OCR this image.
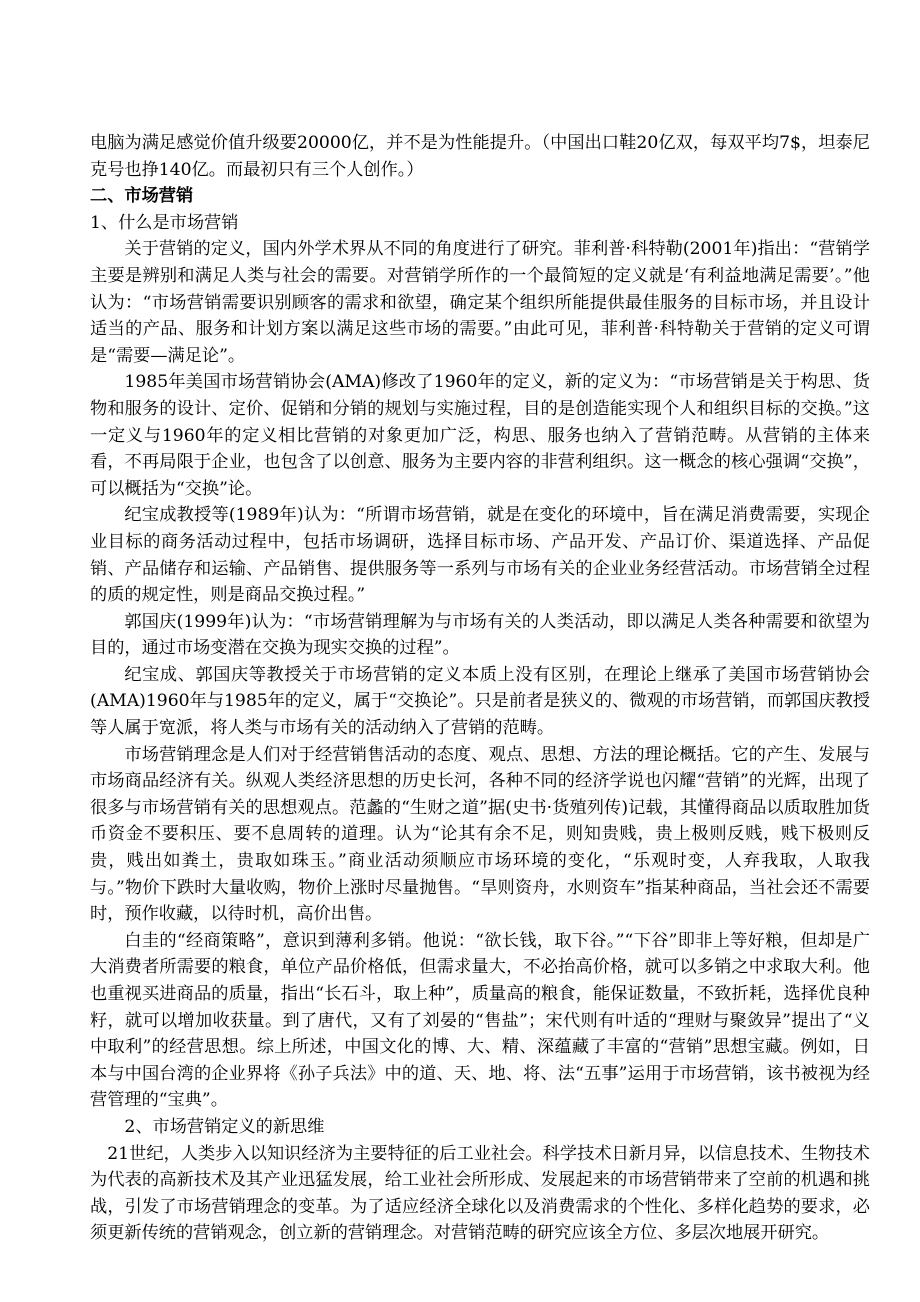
电脑为满足感觉价值升级要20000亿，并不是为性能提升。（中国出口鞋20亿双，每双平均7$，坦泰尼克号也挣140亿。而最初只有三个人创作。）

二、市场营销

1、什么是市场营销

关于营销的定义，国内外学术界从不同的角度进行了研究。菲利普·科特勒(2001年)指出：“营销学主要是辨别和满足人类与社会的需要。对营销学所作的一个最简短的定义就是‘有利益地满足需要’。”他认为：“市场营销需要识别顾客的需求和欲望，确定某个组织所能提供最佳服务的目标市场，并且设计适当的产品、服务和计划方案以满足这些市场的需要。”由此可见，菲利普·科特勒关于营销的定义可谓是“需要—满足论”。

1985年美国市场营销协会(AMA)修改了1960年的定义，新的定义为：“市场营销是关于构思、货物和服务的设计、定价、促销和分销的规划与实施过程，目的是创造能实现个人和组织目标的交换。”这一定义与1960年的定义相比营销的对象更加广泛，构思、服务也纳入了营销范畴。从营销的主体来看，不再局限于企业，也包含了以创意、服务为主要内容的非营利组织。这一概念的核心强调“交换”，可以概括为“交换”论。

纪宝成教授等(1989年)认为：“所谓市场营销，就是在变化的环境中，旨在满足消费需要，实现企业目标的商务活动过程中，包括市场调研，选择目标市场、产品开发、产品订价、渠道选择、产品促销、产品储存和运输、产品销售、提供服务等一系列与市场有关的企业业务经营活动。市场营销全过程的质的规定性，则是商品交换过程。”

郭国庆(1999年)认为：“市场营销理解为与市场有关的人类活动，即以满足人类各种需要和欲望为目的，通过市场变潜在交换为现实交换的过程”。

纪宝成、郭国庆等教授关于市场营销的定义本质上没有区别，在理论上继承了美国市场营销协会(AMA)1960年与1985年的定义，属于“交换论”。只是前者是狭义的、微观的市场营销，而郭国庆教授等人属于宽派，将人类与市场有关的活动纳入了营销的范畴。

市场营销理念是人们对于经营销售活动的态度、观点、思想、方法的理论概括。它的产生、发展与市场商品经济有关。纵观人类经济思想的历史长河，各种不同的经济学说也闪耀“营销”的光辉，出现了很多与市场营销有关的思想观点。范蠡的“生财之道”据(史书·货殖列传)记载，其懂得商品以质取胜加货币资金不要积压、要不息周转的道理。认为“论其有余不足，则知贵贱，贵上极则反贱，贱下极则反贵，贱出如粪土，贵取如珠玉。”商业活动须顺应市场环境的变化，“乐观时变，人弃我取，人取我与。”物价下跌时大量收购，物价上涨时尽量抛售。“旱则资舟，水则资车”指某种商品，当社会还不需要时，预作收藏，以待时机，高价出售。

白圭的“经商策略”，意识到薄利多销。他说：“欲长钱，取下谷。”“下谷”即非上等好粮，但却是广大消费者所需要的粮食，单位产品价格低，但需求量大，不必抬高价格，就可以多销之中求取大利。他也重视买进商品的质量，指出“长石斗，取上种”，质量高的粮食，能保证数量，不致折耗，选择优良种籽，就可以增加收获量。到了唐代，又有了刘晏的“售盐”；宋代则有叶适的“理财与聚敛异”提出了“义中取利”的经营思想。综上所述，中国文化的博、大、精、深蕴藏了丰富的“营销”思想宝藏。例如，日本与中国台湾的企业界将《孙子兵法》中的道、天、地、将、法“五事”运用于市场营销，该书被视为经营管理的“宝典”。

2、市场营销定义的新思维

21世纪，人类步入以知识经济为主要特征的后工业社会。科学技术日新月异，以信息技术、生物技术为代表的高新技术及其产业迅猛发展，给工业社会所形成、发展起来的市场营销带来了空前的机遇和挑战，引发了市场营销理念的变革。为了适应经济全球化以及消费需求的个性化、多样化趋势的要求，必须更新传统的营销观念，创立新的营销理念。对营销范畴的研究应该全方位、多层次地展开研究。
